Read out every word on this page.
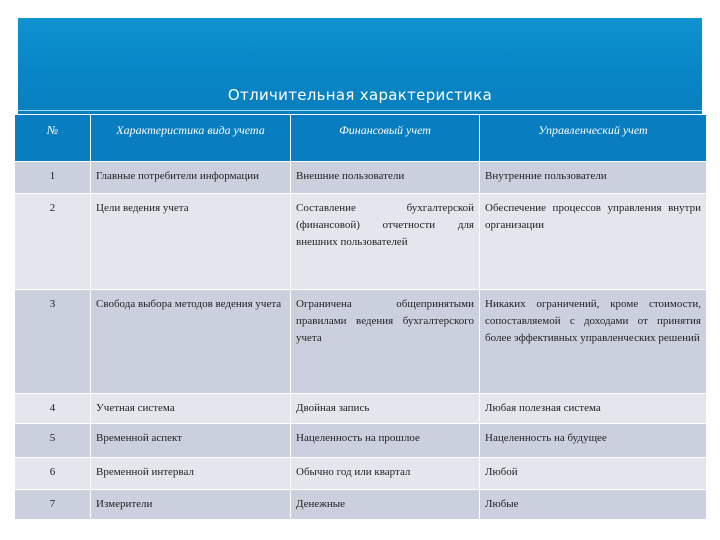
Отличительная характеристика
№	Характеристика вида учета	Финансовый учет	Управленческий учет
1	Главные потребители информации	Внешние пользователи	Внутренние пользователи
2	Цели ведения учета	Составление бухгалтерской (финансовой) отчетности для внешних пользователей	Обеспечение процессов управления внутри организации
3	Свобода выбора методов ведения учета	Ограничена общепринятыми правилами ведения бухгалтерского учета	Никаких ограничений, кроме стоимости, сопоставляемой с доходами от принятия более эффективных управленческих решений
4	Учетная система	Двойная запись	Любая полезная система
5	Временной аспект	Нацеленность на прошлое	Нацеленность на будущее
6	Временной интервал	Обычно год или квартал	Любой
7	Измерители	Денежные	Любые
